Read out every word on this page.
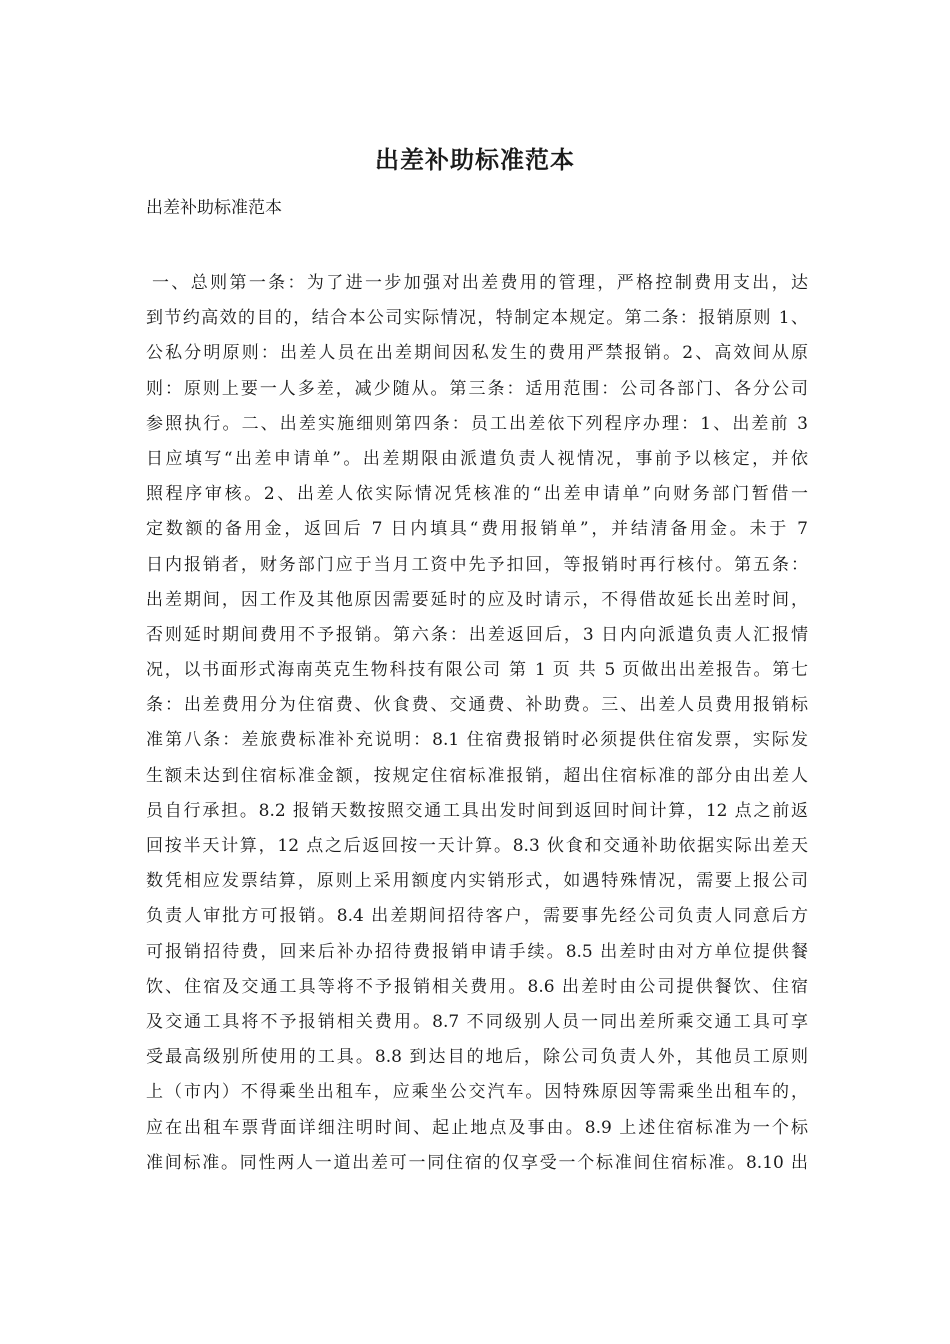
出差补助标准范本
出差补助标准范本
一、总则第一条：为了进一步加强对出差费用的管理，严格控制费用支出，达
到节约高效的目的，结合本公司实际情况，特制定本规定。第二条：报销原则 1、
公私分明原则：出差人员在出差期间因私发生的费用严禁报销。2、高效间从原
则：原则上要一人多差，减少随从。第三条：适用范围：公司各部门、各分公司
参照执行。二、出差实施细则第四条：员工出差依下列程序办理：1、出差前 3
日应填写“出差申请单”。出差期限由派遣负责人视情况，事前予以核定，并依
照程序审核。2、出差人依实际情况凭核准的“出差申请单”向财务部门暂借一
定数额的备用金，返回后 7 日内填具“费用报销单”，并结清备用金。未于 7
日内报销者，财务部门应于当月工资中先予扣回，等报销时再行核付。第五条：
出差期间，因工作及其他原因需要延时的应及时请示，不得借故延长出差时间，
否则延时期间费用不予报销。第六条：出差返回后，3 日内向派遣负责人汇报情
况，以书面形式海南英克生物科技有限公司 第 1 页 共 5 页做出出差报告。第七
条：出差费用分为住宿费、伙食费、交通费、补助费。三、出差人员费用报销标
准第八条：差旅费标准补充说明：8.1 住宿费报销时必须提供住宿发票，实际发
生额未达到住宿标准金额，按规定住宿标准报销，超出住宿标准的部分由出差人
员自行承担。8.2 报销天数按照交通工具出发时间到返回时间计算，12 点之前返
回按半天计算，12 点之后返回按一天计算。8.3 伙食和交通补助依据实际出差天
数凭相应发票结算，原则上采用额度内实销形式，如遇特殊情况，需要上报公司
负责人审批方可报销。8.4 出差期间招待客户，需要事先经公司负责人同意后方
可报销招待费，回来后补办招待费报销申请手续。8.5 出差时由对方单位提供餐
饮、住宿及交通工具等将不予报销相关费用。8.6 出差时由公司提供餐饮、住宿
及交通工具将不予报销相关费用。8.7 不同级别人员一同出差所乘交通工具可享
受最高级别所使用的工具。8.8 到达目的地后，除公司负责人外，其他员工原则
上（市内）不得乘坐出租车，应乘坐公交汽车。因特殊原因等需乘坐出租车的，
应在出租车票背面详细注明时间、起止地点及事由。8.9 上述住宿标准为一个标
准间标准。同性两人一道出差可一同住宿的仅享受一个标准间住宿标准。8.10 出
